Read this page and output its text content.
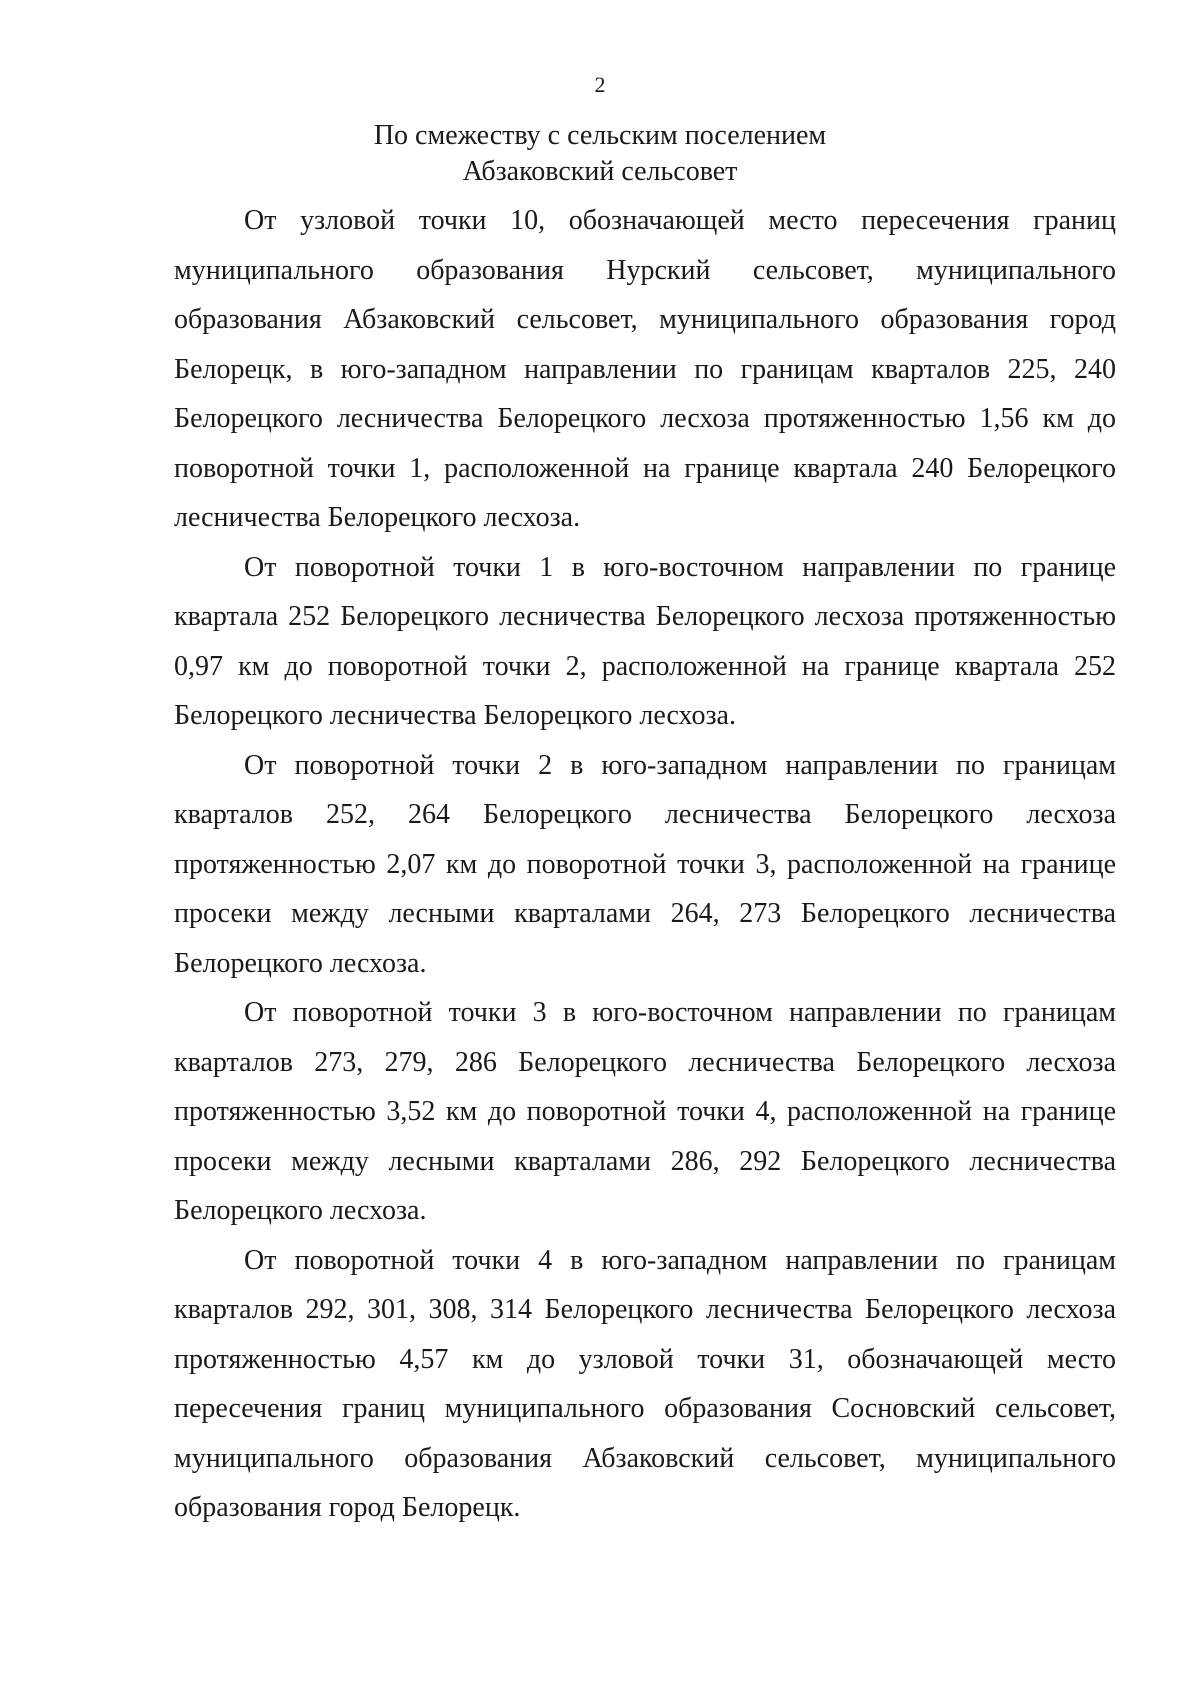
2
По смежеству с сельским поселением
Абзаковский сельсовет

От узловой точки 10, обозначающей место пересечения границ муниципального образования Нурский сельсовет, муниципального образования Абзаковский сельсовет, муниципального образования город Белорецк, в юго-западном направлении по границам кварталов 225, 240 Белорецкого лесничества Белорецкого лесхоза протяженностью 1,56 км до поворотной точки 1, расположенной на границе квартала 240 Белорецкого лесничества Белорецкого лесхоза.

От поворотной точки 1 в юго-восточном направлении по границе квартала 252 Белорецкого лесничества Белорецкого лесхоза протяженностью 0,97 км до поворотной точки 2, расположенной на границе квартала 252 Белорецкого лесничества Белорецкого лесхоза.

От поворотной точки 2 в юго-западном направлении по границам кварталов 252, 264 Белорецкого лесничества Белорецкого лесхоза протяженностью 2,07 км до поворотной точки 3, расположенной на границе просеки между лесными кварталами 264, 273 Белорецкого лесничества Белорецкого лесхоза.

От поворотной точки 3 в юго-восточном направлении по границам кварталов 273, 279, 286 Белорецкого лесничества Белорецкого лесхоза протяженностью 3,52 км до поворотной точки 4, расположенной на границе просеки между лесными кварталами 286, 292 Белорецкого лесничества Белорецкого лесхоза.

От поворотной точки 4 в юго-западном направлении по границам кварталов 292, 301, 308, 314 Белорецкого лесничества Белорецкого лесхоза протяженностью 4,57 км до узловой точки 31, обозначающей место пересечения границ муниципального образования Сосновский сельсовет, муниципального образования Абзаковский сельсовет, муниципального образования город Белорецк.
